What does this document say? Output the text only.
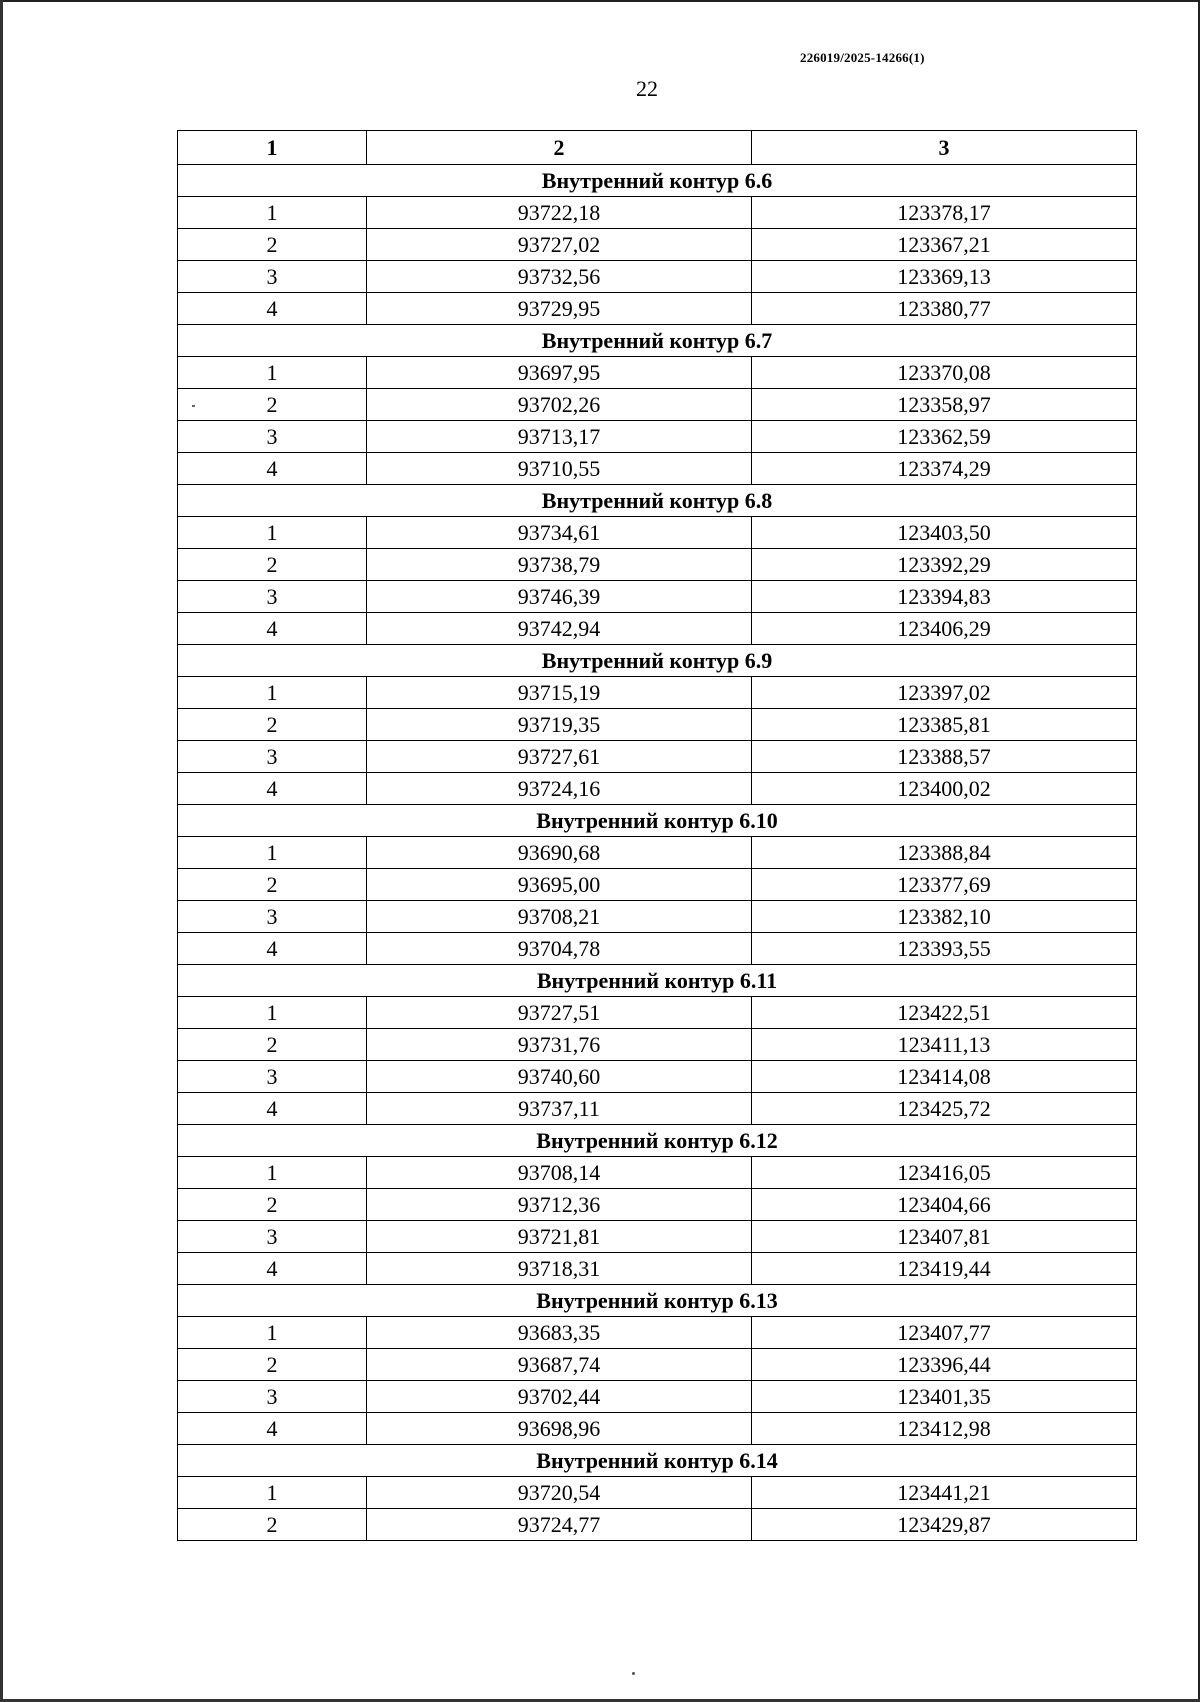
226019/2025-14266(1)
22
1	2	3
Внутренний контур 6.6		
1	93722,18	123378,17
2	93727,02	123367,21
3	93732,56	123369,13
4	93729,95	123380,77
Внутренний контур 6.7		
1	93697,95	123370,08
2	93702,26	123358,97
3	93713,17	123362,59
4	93710,55	123374,29
Внутренний контур 6.8		
1	93734,61	123403,50
2	93738,79	123392,29
3	93746,39	123394,83
4	93742,94	123406,29
Внутренний контур 6.9		
1	93715,19	123397,02
2	93719,35	123385,81
3	93727,61	123388,57
4	93724,16	123400,02
Внутренний контур 6.10		
1	93690,68	123388,84
2	93695,00	123377,69
3	93708,21	123382,10
4	93704,78	123393,55
Внутренний контур 6.11		
1	93727,51	123422,51
2	93731,76	123411,13
3	93740,60	123414,08
4	93737,11	123425,72
Внутренний контур 6.12		
1	93708,14	123416,05
2	93712,36	123404,66
3	93721,81	123407,81
4	93718,31	123419,44
Внутренний контур 6.13		
1	93683,35	123407,77
2	93687,74	123396,44
3	93702,44	123401,35
4	93698,96	123412,98
Внутренний контур 6.14		
1	93720,54	123441,21
2	93724,77	123429,87
